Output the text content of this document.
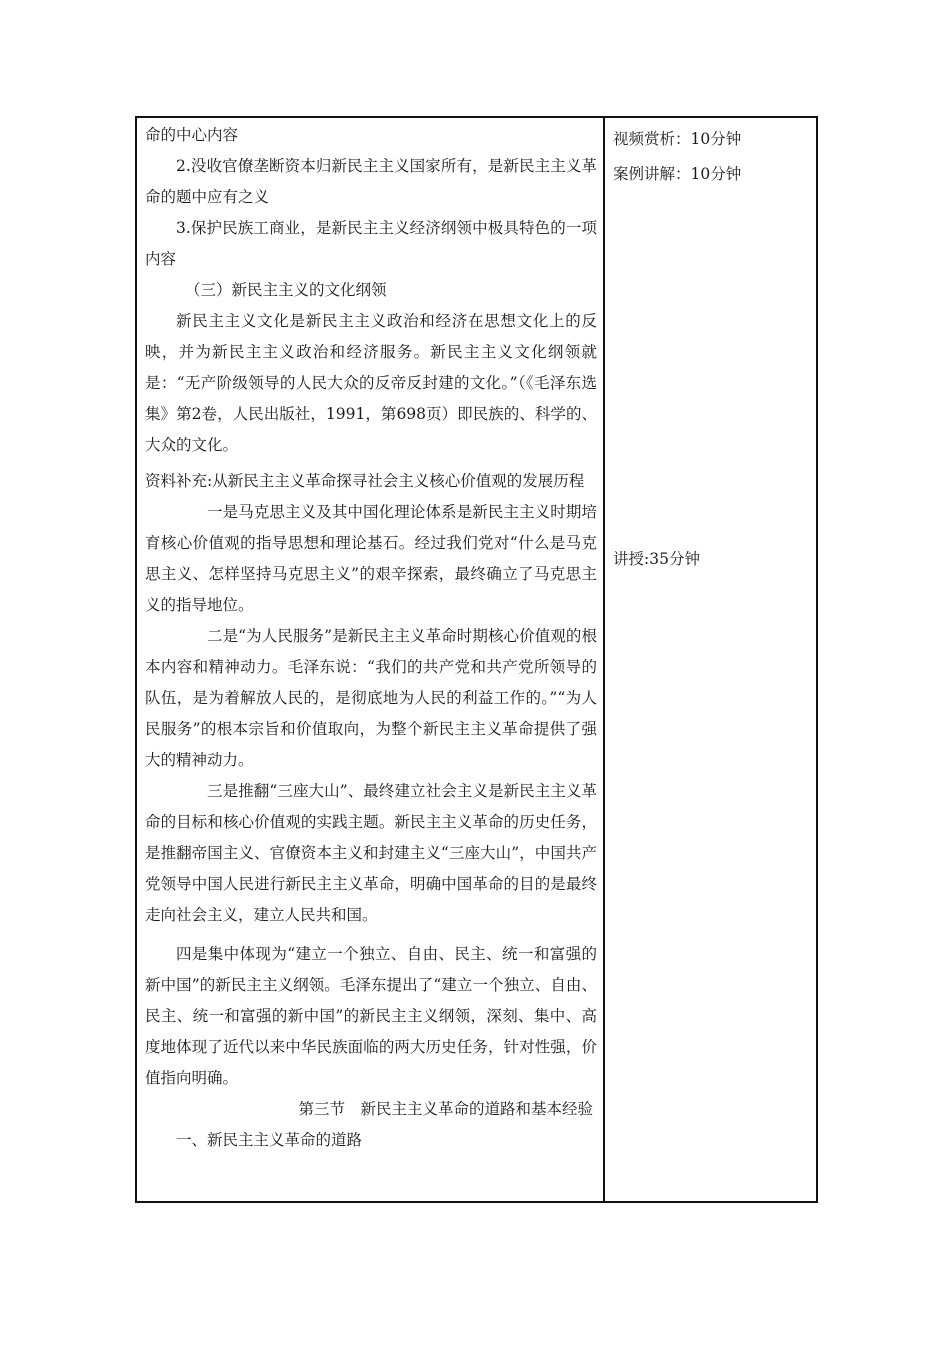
命的中心内容

2.没收官僚垄断资本归新民主主义国家所有，是新民主主义革命的题中应有之义

3.保护民族工商业，是新民主主义经济纲领中极具特色的一项内容

（三）新民主主义的文化纲领

新民主主义文化是新民主主义政治和经济在思想文化上的反映，并为新民主主义政治和经济服务。新民主主义文化纲领就是：“无产阶级领导的人民大众的反帝反封建的文化。”（《毛泽东选集》第2卷，人民出版社，1991，第698页）即民族的、科学的、大众的文化。

资料补充:从新民主主义革命探寻社会主义核心价值观的发展历程

一是马克思主义及其中国化理论体系是新民主主义时期培育核心价值观的指导思想和理论基石。经过我们党对“什么是马克思主义、怎样坚持马克思主义”的艰辛探索，最终确立了马克思主义的指导地位。

二是“为人民服务”是新民主主义革命时期核心价值观的根本内容和精神动力。毛泽东说：“我们的共产党和共产党所领导的队伍，是为着解放人民的，是彻底地为人民的利益工作的。”“为人民服务”的根本宗旨和价值取向，为整个新民主主义革命提供了强大的精神动力。

三是推翻“三座大山”、最终建立社会主义是新民主主义革命的目标和核心价值观的实践主题。新民主主义革命的历史任务，是推翻帝国主义、官僚资本主义和封建主义“三座大山”，中国共产党领导中国人民进行新民主主义革命，明确中国革命的目的是最终走向社会主义，建立人民共和国。

四是集中体现为“建立一个独立、自由、民主、统一和富强的新中国”的新民主主义纲领。毛泽东提出了“建立一个独立、自由、民主、统一和富强的新中国”的新民主主义纲领，深刻、集中、高度地体现了近代以来中华民族面临的两大历史任务，针对性强，价值指向明确。

第三节　新民主主义革命的道路和基本经验

一、新民主主义革命的道路

视频赏析：10分钟
案例讲解：10分钟
讲授:35分钟
